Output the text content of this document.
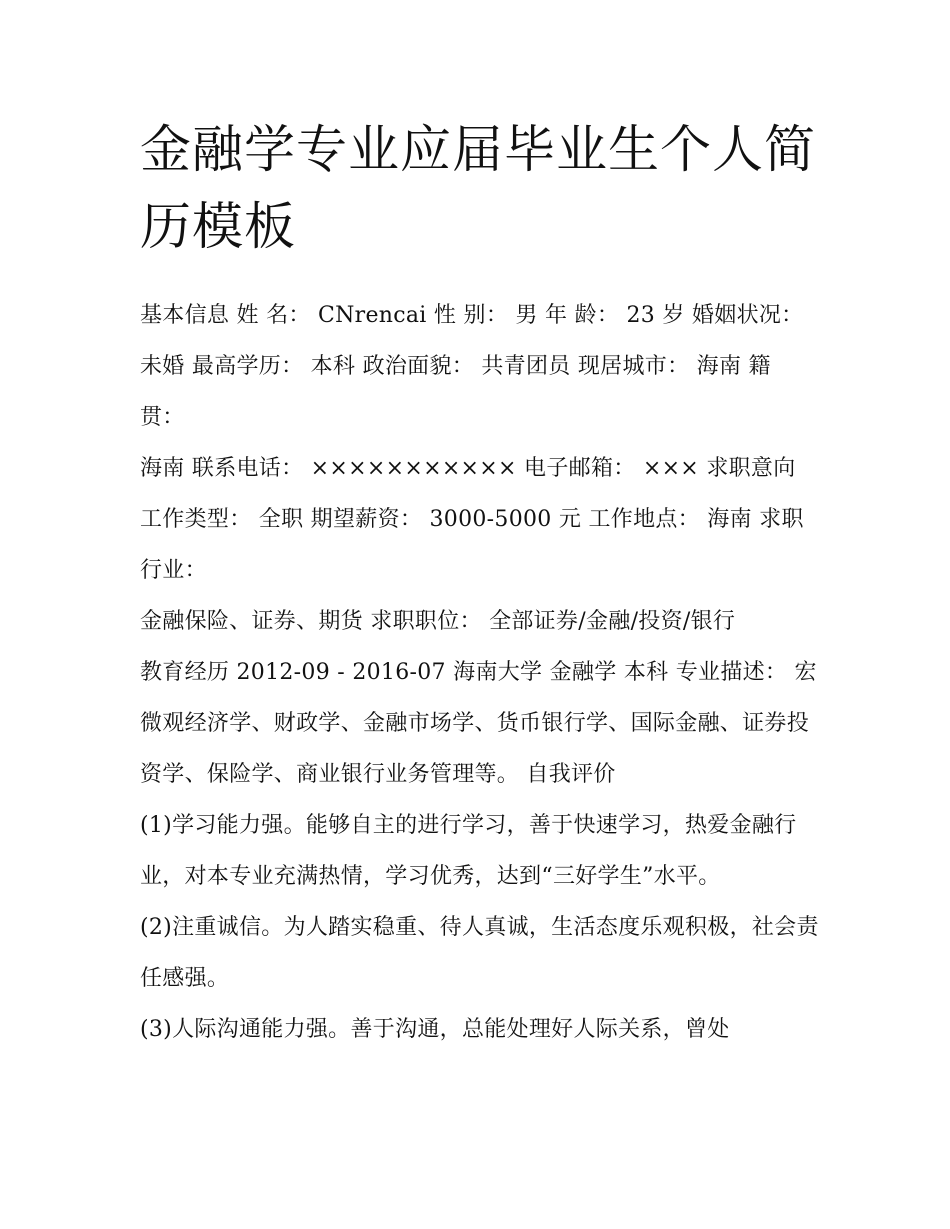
金融学专业应届毕业生个人简
历模板

基本信息 姓 名： CNrencai 性 别： 男 年 龄： 23 岁 婚姻状况： 未婚 最高学历： 本科 政治面貌： 共青团员 现居城市： 海南 籍 贯：

海南 联系电话： ××××××××××× 电子邮箱： ××× 求职意向 工作类型： 全职 期望薪资： 3000-5000 元 工作地点： 海南 求职行业：

金融保险、证券、期货 求职职位： 全部证券/金融/投资/银行

教育经历 2012-09 - 2016-07 海南大学 金融学 本科 专业描述： 宏微观经济学、财政学、金融市场学、货币银行学、国际金融、证券投资学、保险学、商业银行业务管理等。 自我评价

(1)学习能力强。能够自主的进行学习，善于快速学习，热爱金融行业，对本专业充满热情，学习优秀，达到“三好学生”水平。

(2)注重诚信。为人踏实稳重、待人真诚，生活态度乐观积极，社会责任感强。

(3)人际沟通能力强。善于沟通，总能处理好人际关系，曾处
